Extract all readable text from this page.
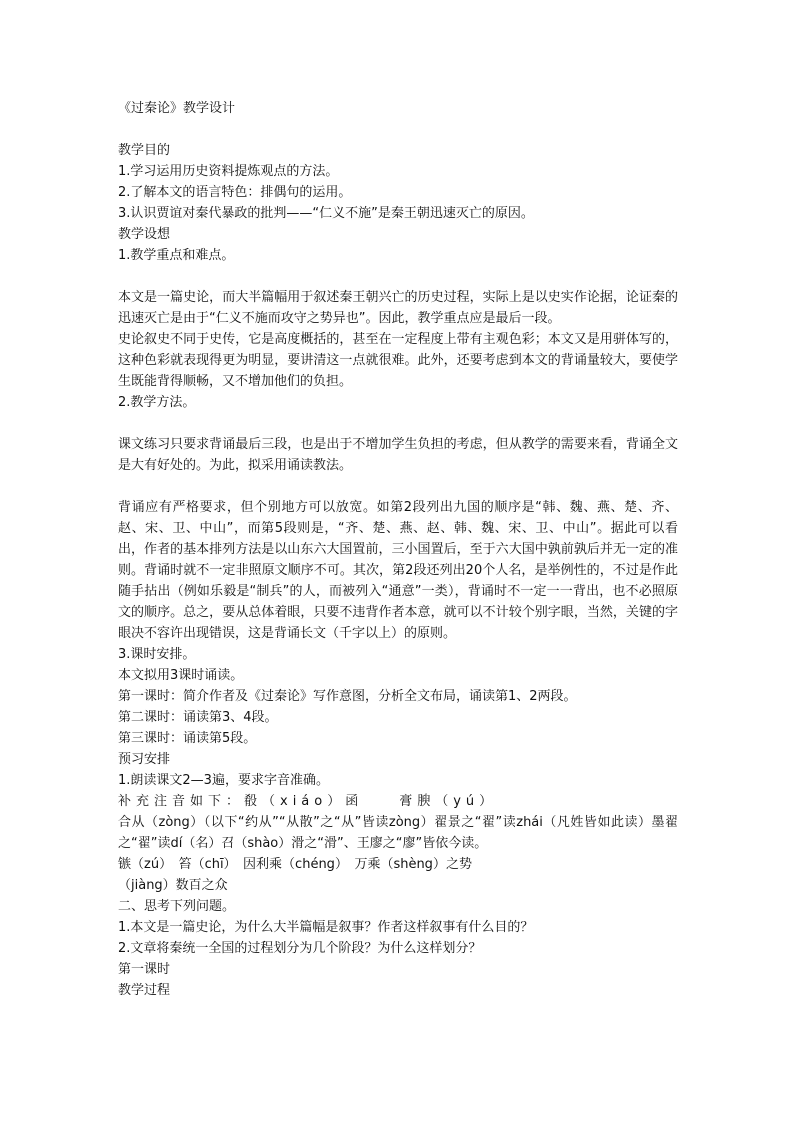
《过秦论》教学设计

教学目的

1.学习运用历史资料提炼观点的方法。

2.了解本文的语言特色：排偶句的运用。

3.认识贾谊对秦代暴政的批判——“仁义不施”是秦王朝迅速灭亡的原因。

教学设想

1.教学重点和难点。

本文是一篇史论，而大半篇幅用于叙述秦王朝兴亡的历史过程，实际上是以史实作论据，论证秦的迅速灭亡是由于“仁义不施而攻守之势异也”。因此，教学重点应是最后一段。

史论叙史不同于史传，它是高度概括的，甚至在一定程度上带有主观色彩；本文又是用骈体写的，这种色彩就表现得更为明显，要讲清这一点就很难。此外，还要考虑到本文的背诵量较大，要使学生既能背得顺畅，又不增加他们的负担。

2.教学方法。

课文练习只要求背诵最后三段，也是出于不增加学生负担的考虑，但从教学的需要来看，背诵全文是大有好处的。为此，拟采用诵读教法。

背诵应有严格要求，但个别地方可以放宽。如第2段列出九国的顺序是“韩、魏、燕、楚、齐、赵、宋、卫、中山”，而第5段则是，“齐、楚、燕、赵、韩、魏、宋、卫、中山”。据此可以看出，作者的基本排列方法是以山东六大国置前，三小国置后，至于六大国中孰前孰后并无一定的准则。背诵时就不一定非照原文顺序不可。其次，第2段还列出20个人名，是举例性的，不过是作此随手拈出（例如乐毅是“制兵”的人，而被列入“通意”一类），背诵时不一定一一背出，也不必照原文的顺序。总之，要从总体着眼，只要不违背作者本意，就可以不计较个别字眼，当然，关键的字眼决不容许出现错误，这是背诵长文（千字以上）的原则。

3.课时安排。

本文拟用3课时诵读。

第一课时：简介作者及《过秦论》写作意图，分析全文布局，诵读第1、2两段。

第二课时：诵读第3、4段。

第三课时：诵读第5段。

预习安排

1.朗读课文2—3遍，要求字音准确。

补充注音如下：殽（xiáo）函　　膏腴（yú）

合从（zòng）（以下“约从”“从散”之“从”皆读zòng）翟景之“翟”读zhái（凡姓皆如此读）墨翟之“翟”读dí（名）召（shào）滑之“滑”、王廖之“廖”皆依今读。

镞（zú）　笞（chī）　因利乘（chéng）　万乘（shèng）之势

（jiàng）数百之众

二、思考下列问题。

1.本文是一篇史论，为什么大半篇幅是叙事？作者这样叙事有什么目的？

2.文章将秦统一全国的过程划分为几个阶段？为什么这样划分？

第一课时

教学过程
